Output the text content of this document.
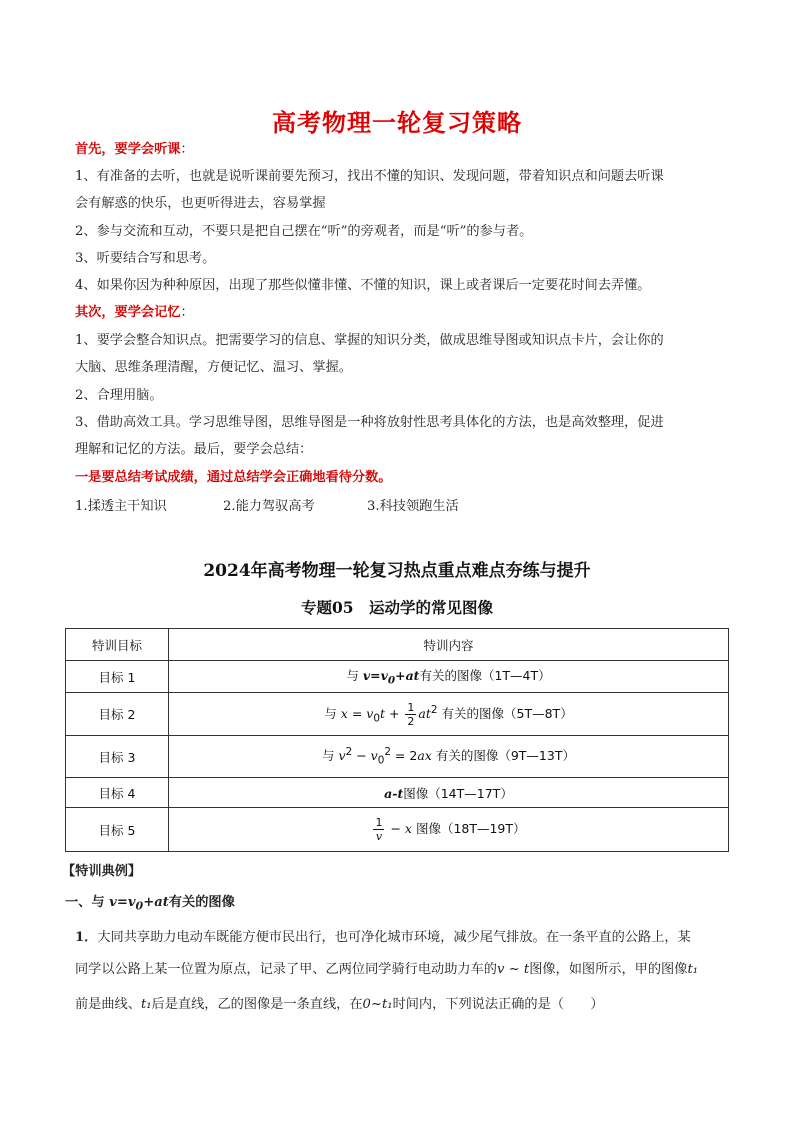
高考物理一轮复习策略
首先，要学会听课：
1、有准备的去听，也就是说听课前要先预习，找出不懂的知识、发现问题，带着知识点和问题去听课
会有解惑的快乐，也更听得进去，容易掌握
2、参与交流和互动，不要只是把自己摆在“听”的旁观者，而是“听”的参与者。
3、听要结合写和思考。
4、如果你因为种种原因，出现了那些似懂非懂、不懂的知识，课上或者课后一定要花时间去弄懂。
其次，要学会记忆：
1、要学会整合知识点。把需要学习的信息、掌握的知识分类，做成思维导图或知识点卡片，会让你的
大脑、思维条理清醒，方便记忆、温习、掌握。
2、合理用脑。
3、借助高效工具。学习思维导图，思维导图是一种将放射性思考具体化的方法，也是高效整理，促进
理解和记忆的方法。最后，要学会总结：
一是要总结考试成绩，通过总结学会正确地看待分数。
1.揉透主干知识	2.能力驾驭高考	3.科技领跑生活
2024年高考物理一轮复习热点重点难点夯练与提升
专题05　运动学的常见图像
特训目标	特训内容
目标 1	与 $v=v_0+at$有关的图像（1T—4T）
目标 2	与 $x = v_0t + \frac{1}{2} at^2$ 有关的图像（5T—8T）
目标 3	与 $v^2 - v_0^2 = 2ax$ 有关的图像（9T—13T）
目标 4	a-t图像（14T—17T）
目标 5	$\frac{1}{v} - x$ 图像（18T—19T）
【特训典例】
一、与 $v=v_0+at$有关的图像
1．大同共享助力电动车既能方便市民出行，也可净化城市环境，减少尾气排放。在一条平直的公路上，某
同学以公路上某一位置为原点，记录了甲、乙两位同学骑行电动助力车的v ~ t图像，如图所示，甲的图像t₁
前是曲线、t₁后是直线，乙的图像是一条直线，在0~t₁时间内，下列说法正确的是（　　）
